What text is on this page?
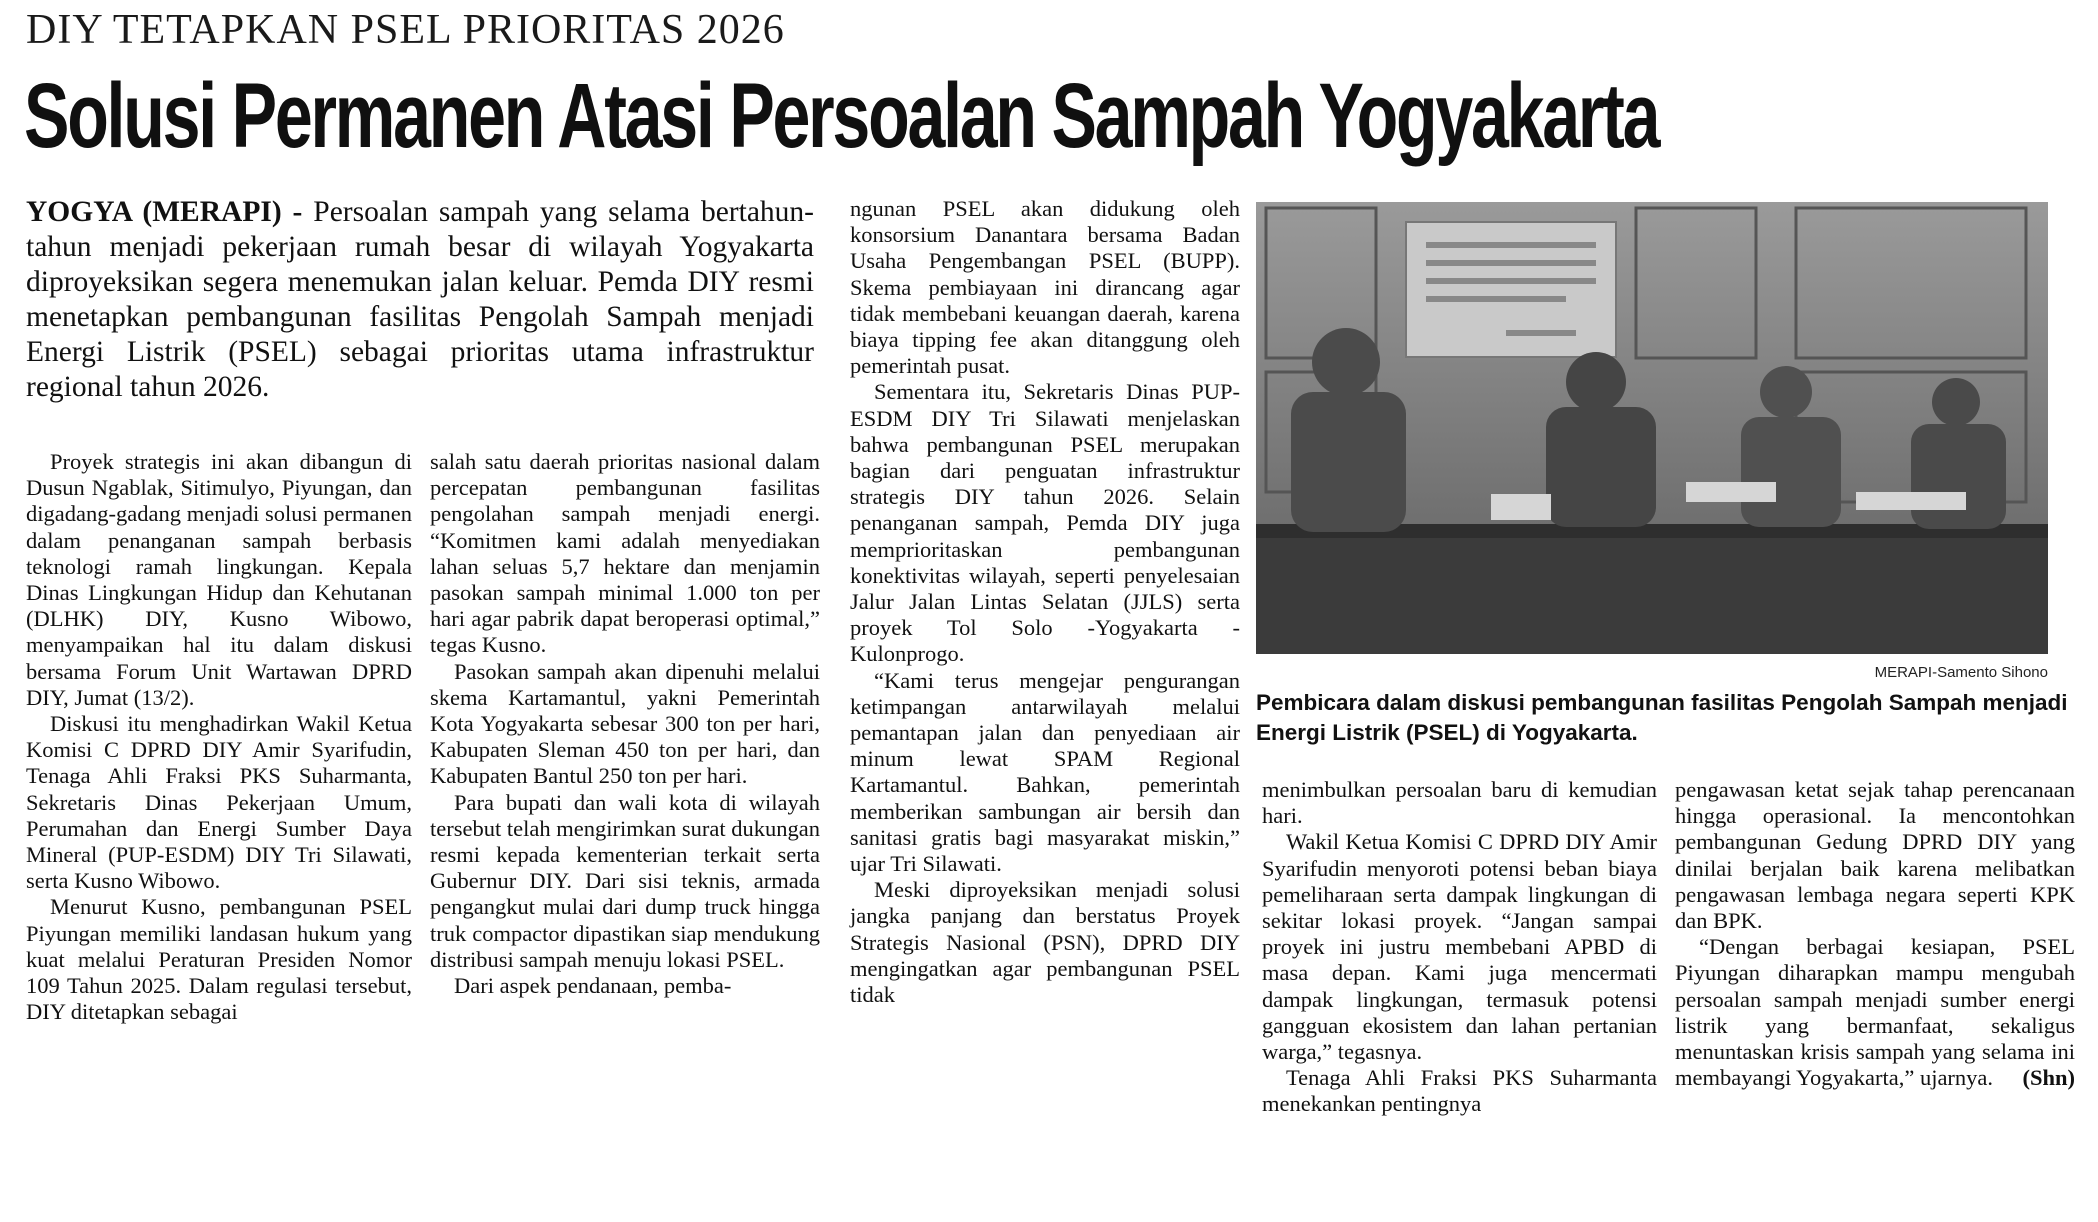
DIY TETAPKAN PSEL PRIORITAS 2026
Solusi Permanen Atasi Persoalan Sampah Yogyakarta
YOGYA (MERAPI) - Persoalan sampah yang selama bertahun-tahun menjadi pekerjaan rumah besar di wilayah Yogyakarta diproyeksikan segera menemukan jalan keluar. Pemda DIY resmi menetapkan pembangunan fasilitas Pengolah Sampah menjadi Energi Listrik (PSEL) sebagai prioritas utama infrastruktur regional tahun 2026.

Proyek strategis ini akan dibangun di Dusun Ngablak, Sitimulyo, Piyungan, dan digadang-gadang menjadi solusi permanen dalam penanganan sampah berbasis teknologi ramah lingkungan. Kepala Dinas Lingkungan Hidup dan Kehutanan (DLHK) DIY, Kusno Wibowo, menyampaikan hal itu dalam diskusi bersama Forum Unit Wartawan DPRD DIY, Jumat (13/2).

Diskusi itu menghadirkan Wakil Ketua Komisi C DPRD DIY Amir Syarifudin, Tenaga Ahli Fraksi PKS Suharmanta, Sekretaris Dinas Pekerjaan Umum, Perumahan dan Energi Sumber Daya Mineral (PUP-ESDM) DIY Tri Silawati, serta Kusno Wibowo.

Menurut Kusno, pembangunan PSEL Piyungan memiliki landasan hukum yang kuat melalui Peraturan Presiden Nomor 109 Tahun 2025. Dalam regulasi tersebut, DIY ditetapkan sebagai

salah satu daerah prioritas nasional dalam percepatan pembangunan fasilitas pengolahan sampah menjadi energi. “Komitmen kami adalah menyediakan lahan seluas 5,7 hektare dan menjamin pasokan sampah minimal 1.000 ton per hari agar pabrik dapat beroperasi optimal,” tegas Kusno.

Pasokan sampah akan dipenuhi melalui skema Kartamantul, yakni Pemerintah Kota Yogyakarta sebesar 300 ton per hari, Kabupaten Sleman 450 ton per hari, dan Kabupaten Bantul 250 ton per hari.

Para bupati dan wali kota di wilayah tersebut telah mengirimkan surat dukungan resmi kepada kementerian terkait serta Gubernur DIY. Dari sisi teknis, armada pengangkut mulai dari dump truck hingga truk compactor dipastikan siap mendukung distribusi sampah menuju lokasi PSEL.

Dari aspek pendanaan, pemba-

ngunan PSEL akan didukung oleh konsorsium Danantara bersama Badan Usaha Pengembangan PSEL (BUPP). Skema pembiayaan ini dirancang agar tidak membebani keuangan daerah, karena biaya tipping fee akan ditanggung oleh pemerintah pusat.

Sementara itu, Sekretaris Dinas PUP-ESDM DIY Tri Silawati menjelaskan bahwa pembangunan PSEL merupakan bagian dari penguatan infrastruktur strategis DIY tahun 2026. Selain penanganan sampah, Pemda DIY juga memprioritaskan pembangunan konektivitas wilayah, seperti penyelesaian Jalur Jalan Lintas Selatan (JJLS) serta proyek Tol Solo -Yogyakarta - Kulonprogo.

“Kami terus mengejar pengurangan ketimpangan antarwilayah melalui pemantapan jalan dan penyediaan air minum lewat SPAM Regional Kartamantul. Bahkan, pemerintah memberikan sambungan air bersih dan sanitasi gratis bagi masyarakat miskin,” ujar Tri Silawati.

Meski diproyeksikan menjadi solusi jangka panjang dan berstatus Proyek Strategis Nasional (PSN), DPRD DIY mengingatkan agar pembangunan PSEL tidak

MERAPI-Samento Sihono
Pembicara dalam diskusi pembangunan fasilitas Pengolah Sampah menjadi Energi Listrik (PSEL) di Yogyakarta.

menimbulkan persoalan baru di kemudian hari.

Wakil Ketua Komisi C DPRD DIY Amir Syarifudin menyoroti potensi beban biaya pemeliharaan serta dampak lingkungan di sekitar lokasi proyek. “Jangan sampai proyek ini justru membebani APBD di masa depan. Kami juga mencermati dampak lingkungan, termasuk potensi gangguan ekosistem dan lahan pertanian warga,” tegasnya.

Tenaga Ahli Fraksi PKS Suharmanta menekankan pentingnya

pengawasan ketat sejak tahap perencanaan hingga operasional. Ia mencontohkan pembangunan Gedung DPRD DIY yang dinilai berjalan baik karena melibatkan pengawasan lembaga negara seperti KPK dan BPK.

“Dengan berbagai kesiapan, PSEL Piyungan diharapkan mampu mengubah persoalan sampah menjadi sumber energi listrik yang bermanfaat, sekaligus menuntaskan krisis sampah yang selama ini membayangi Yogyakarta,” ujarnya.	(Shn)
